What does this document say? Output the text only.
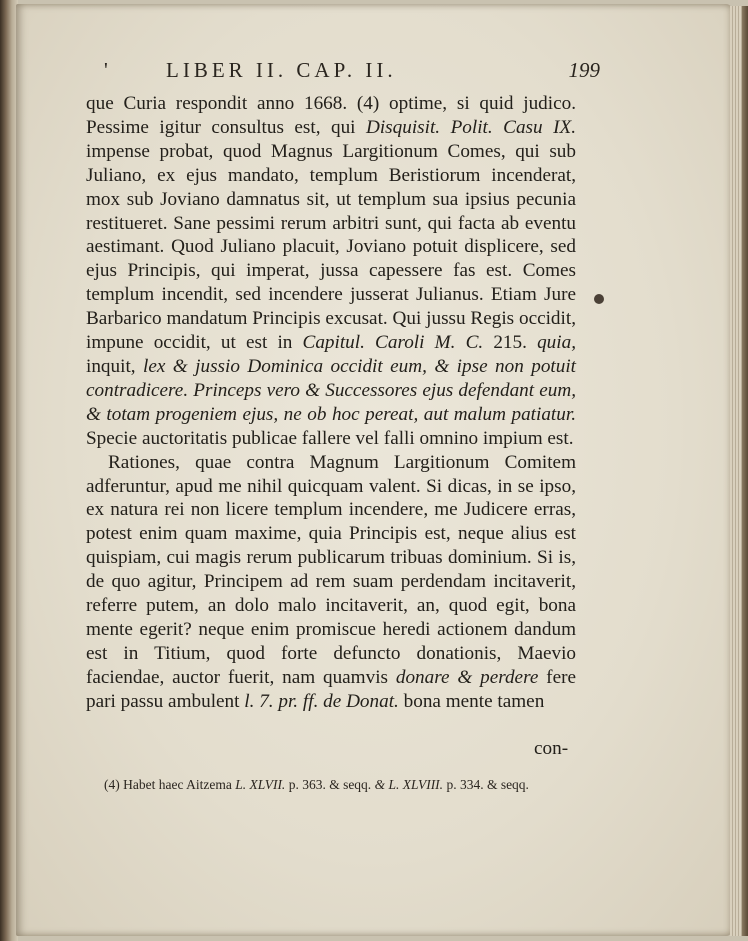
'	LIBER II. CAP. II.	199

que Curia respondit anno 1668. (4) optime, si quid judico. Pessime igitur consultus est, qui Disquisit. Polit. Casu IX. impense probat, quod Magnus Largitionum Comes, qui sub Juliano, ex ejus mandato, templum Beristiorum incenderat, mox sub Joviano damnatus sit, ut templum sua ipsius pecunia restitueret. Sane pessimi rerum arbitri sunt, qui facta ab eventu aestimant. Quod Juliano placuit, Joviano potuit displicere, sed ejus Principis, qui imperat, jussa capessere fas est. Comes templum incendit, sed incendere jusserat Julianus. Etiam Jure Barbarico mandatum Principis excusat. Qui jussu Regis occidit, impune occidit, ut est in Capitul. Caroli M. C. 215. quia, inquit, lex & jussio Dominica occidit eum, & ipse non potuit contradicere. Princeps vero & Successores ejus defendant eum, & totam progeniem ejus, ne ob hoc pereat, aut malum patiatur. Specie auctoritatis publicae fallere vel falli omnino impium est.

Rationes, quae contra Magnum Largitionum Comitem adferuntur, apud me nihil quicquam valent. Si dicas, in se ipso, ex natura rei non licere templum incendere, me Judicere erras, potest enim quam maxime, quia Principis est, neque alius est quispiam, cui magis rerum publicarum tribuas dominium. Si is, de quo agitur, Principem ad rem suam perdendam incitaverit, referre putem, an dolo malo incitaverit, an, quod egit, bona mente egerit? neque enim promiscue heredi actionem dandum est in Titium, quod forte defuncto donationis, Maevio faciendae, auctor fuerit, nam quamvis donare & perdere fere pari passu ambulent l. 7. pr. ff. de Donat. bona mente tamen

con-
(4) Habet haec Aitzema L. XLVII. p. 363. & seqq. & L. XLVIII. p. 334. & seqq.
